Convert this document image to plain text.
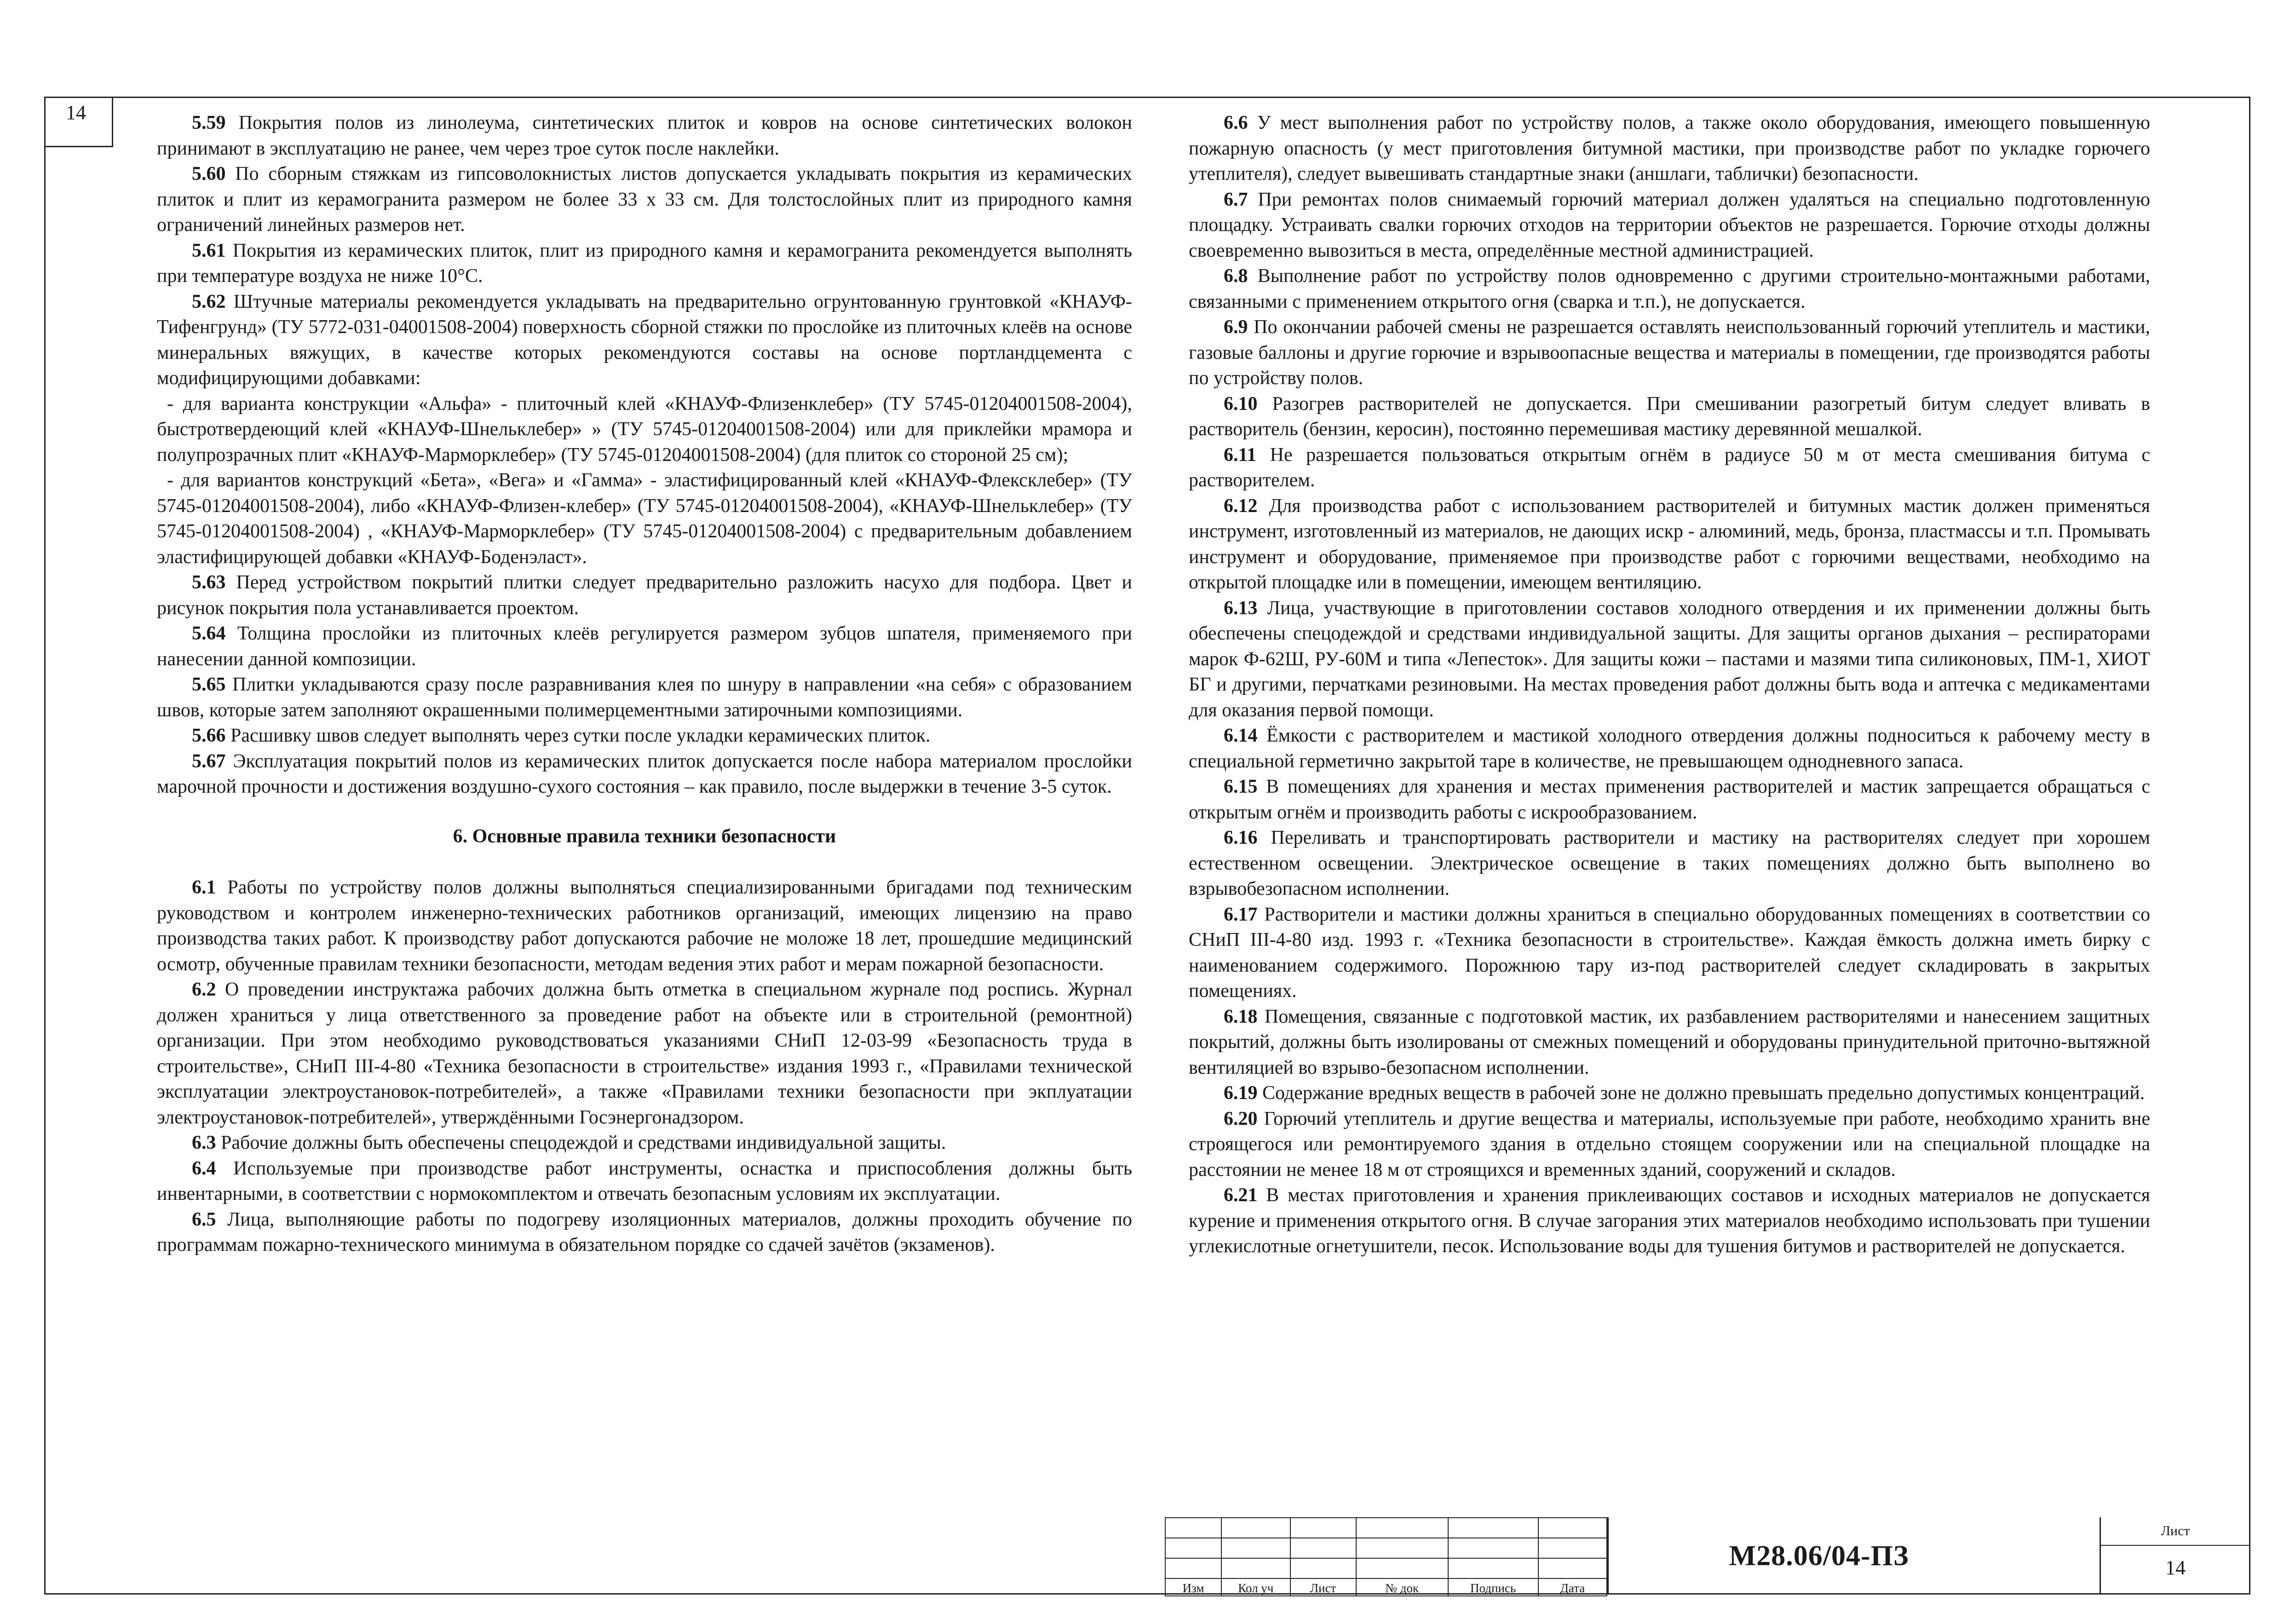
14	5.59 Покрытия полов из линолеума, синтетических плиток и ковров на основе синтетических волокон принимают в эксплуатацию не ранее, чем через трое суток после наклейки.

5.60 По сборным стяжкам из гипсоволокнистых листов допускается укладывать покрытия из керамических плиток и плит из керамогранита размером не более 33 х 33 см. Для толстослойных плит из природного камня ограничений линейных размеров нет.

5.61 Покрытия из керамических плиток, плит из природного камня и керамогранита рекомендуется выполнять при температуре воздуха не ниже 10°С.

5.62 Штучные материалы рекомендуется укладывать на предварительно огрунтованную грунтовкой «КНАУФ-Тифенгрунд» (ТУ 5772-031-04001508-2004) поверхность сборной стяжки по прослойке из плиточных клеёв на основе минеральных вяжущих, в качестве которых рекомендуются составы на основе портландцемента с модифицирующими добавками:

- для варианта конструкции «Альфа» - плиточный клей «КНАУФ-Флизенклебер» (ТУ 5745-01204001508-2004), быстротвердеющий клей «КНАУФ-Шнельклебер» » (ТУ 5745-01204001508-2004) или для приклейки мрамора и полупрозрачных плит «КНАУФ-Марморклебер» (ТУ 5745-01204001508-2004) (для плиток со стороной 25 см);

- для вариантов конструкций «Бета», «Вега» и «Гамма» - эластифицированный клей «КНАУФ-Флексклебер» (ТУ 5745-01204001508-2004), либо «КНАУФ-Флизен-клебер» (ТУ 5745-01204001508-2004), «КНАУФ-Шнельклебер» (ТУ 5745-01204001508-2004) , «КНАУФ-Марморклебер» (ТУ 5745-01204001508-2004) с предварительным добавлением эластифицирующей добавки «КНАУФ-Боденэласт».

5.63 Перед устройством покрытий плитки следует предварительно разложить насухо для подбора. Цвет и рисунок покрытия пола устанавливается проектом.

5.64 Толщина прослойки из плиточных клеёв регулируется размером зубцов шпателя, применяемого при нанесении данной композиции.

5.65 Плитки укладываются сразу после разравнивания клея по шнуру в направлении «на себя» с образованием швов, которые затем заполняют окрашенными полимерцементными затирочными композициями.

5.66 Расшивку швов следует выполнять через сутки после укладки керамических плиток.

5.67 Эксплуатация покрытий полов из керамических плиток допускается после набора материалом прослойки марочной прочности и достижения воздушно-сухого состояния – как правило, после выдержки в течение 3-5 суток.

6. Основные правила техники безопасности

6.1 Работы по устройству полов должны выполняться специализированными бригадами под техническим руководством и контролем инженерно-технических работников организаций, имеющих лицензию на право производства таких работ. К производству работ допускаются рабочие не моложе 18 лет, прошедшие медицинский осмотр, обученные правилам техники безопасности, методам ведения этих работ и мерам пожарной безопасности.

6.2 О проведении инструктажа рабочих должна быть отметка в специальном журнале под роспись. Журнал должен храниться у лица ответственного за проведение работ на объекте или в строительной (ремонтной) организации. При этом необходимо руководствоваться указаниями СНиП 12-03-99 «Безопасность труда в строительстве», СНиП III-4-80 «Техника безопасности в строительстве» издания 1993 г., «Правилами технической эксплуатации электроустановок-потребителей», а также «Правилами техники безопасности при экплуатации электроустановок-потребителей», утверждёнными Госэнергонадзором.

6.3 Рабочие должны быть обеспечены спецодеждой и средствами индивидуальной защиты.

6.4 Используемые при производстве работ инструменты, оснастка и приспособления должны быть инвентарными, в соответствии с нормокомплектом и отвечать безопасным условиям их эксплуатации.

6.5 Лица, выполняющие работы по подогреву изоляционных материалов, должны проходить обучение по программам пожарно-технического минимума в обязательном порядке со сдачей зачётов (экзаменов).

6.6 У мест выполнения работ по устройству полов, а также около оборудования, имеющего повышенную пожарную опасность (у мест приготовления битумной мастики, при производстве работ по укладке горючего утеплителя), следует вывешивать стандартные знаки (аншлаги, таблички) безопасности.

6.7 При ремонтах полов снимаемый горючий материал должен удаляться на специально подготовленную площадку. Устраивать свалки горючих отходов на территории объектов не разрешается. Горючие отходы должны своевременно вывозиться в места, определённые местной администрацией.

6.8 Выполнение работ по устройству полов одновременно с другими строительно-монтажными работами, связанными с применением открытого огня (сварка и т.п.), не допускается.

6.9 По окончании рабочей смены не разрешается оставлять неиспользованный горючий утеплитель и мастики, газовые баллоны и другие горючие и взрывоопасные вещества и материалы в помещении, где производятся работы по устройству полов.

6.10 Разогрев растворителей не допускается. При смешивании разогретый битум следует вливать в растворитель (бензин, керосин), постоянно перемешивая мастику деревянной мешалкой.

6.11 Не разрешается пользоваться открытым огнём в радиусе 50 м от места смешивания битума с растворителем.

6.12 Для производства работ с использованием растворителей и битумных мастик должен применяться инструмент, изготовленный из материалов, не дающих искр - алюминий, медь, бронза, пластмассы и т.п. Промывать инструмент и оборудование, применяемое при производстве работ с горючими веществами, необходимо на открытой площадке или в помещении, имеющем вентиляцию.

6.13 Лица, участвующие в приготовлении составов холодного отвердения и их применении должны быть обеспечены спецодеждой и средствами индивидуальной защиты. Для защиты органов дыхания – респираторами марок Ф-62Ш, РУ-60М и типа «Лепесток». Для защиты кожи – пастами и мазями типа силиконовых, ПМ-1, ХИОТ БГ и другими, перчатками резиновыми. На местах проведения работ должны быть вода и аптечка с медикаментами для оказания первой помощи.

6.14 Ёмкости с растворителем и мастикой холодного отвердения должны подноситься к рабочему месту в специальной герметично закрытой таре в количестве, не превышающем однодневного запаса.

6.15 В помещениях для хранения и местах применения растворителей и мастик запрещается обращаться с открытым огнём и производить работы с искрообразованием.

6.16 Переливать и транспортировать растворители и мастику на растворителях следует при хорошем естественном освещении. Электрическое освещение в таких помещениях должно быть выполнено во взрывобезопасном исполнении.

6.17 Растворители и мастики должны храниться в специально оборудованных помещениях в соответствии со СНиП III-4-80 изд. 1993 г. «Техника безопасности в строительстве». Каждая ёмкость должна иметь бирку с наименованием содержимого. Порожнюю тару из-под растворителей следует складировать в закрытых помещениях.

6.18 Помещения, связанные с подготовкой мастик, их разбавлением растворителями и нанесением защитных покрытий, должны быть изолированы от смежных помещений и оборудованы принудительной приточно-вытяжной вентиляцией во взрыво-безопасном исполнении.

6.19 Содержание вредных веществ в рабочей зоне не должно превышать предельно допустимых концентраций.

6.20 Горючий утеплитель и другие вещества и материалы, используемые при работе, необходимо хранить вне строящегося или ремонтируемого здания в отдельно стоящем сооружении или на специальной площадке на расстоянии не менее 18 м от строящихся и временных зданий, сооружений и складов.

6.21 В местах приготовления и хранения приклеивающих составов и исходных материалов не допускается курение и применения открытого огня. В случае загорания этих материалов необходимо использовать при тушении углекислотные огнетушители, песок. Использование воды для тушения битумов и растворителей не допускается.

Изм	Кол уч	Лист	№ док	Подпись	Дата
М28.06/04-ПЗ
Лист
14
